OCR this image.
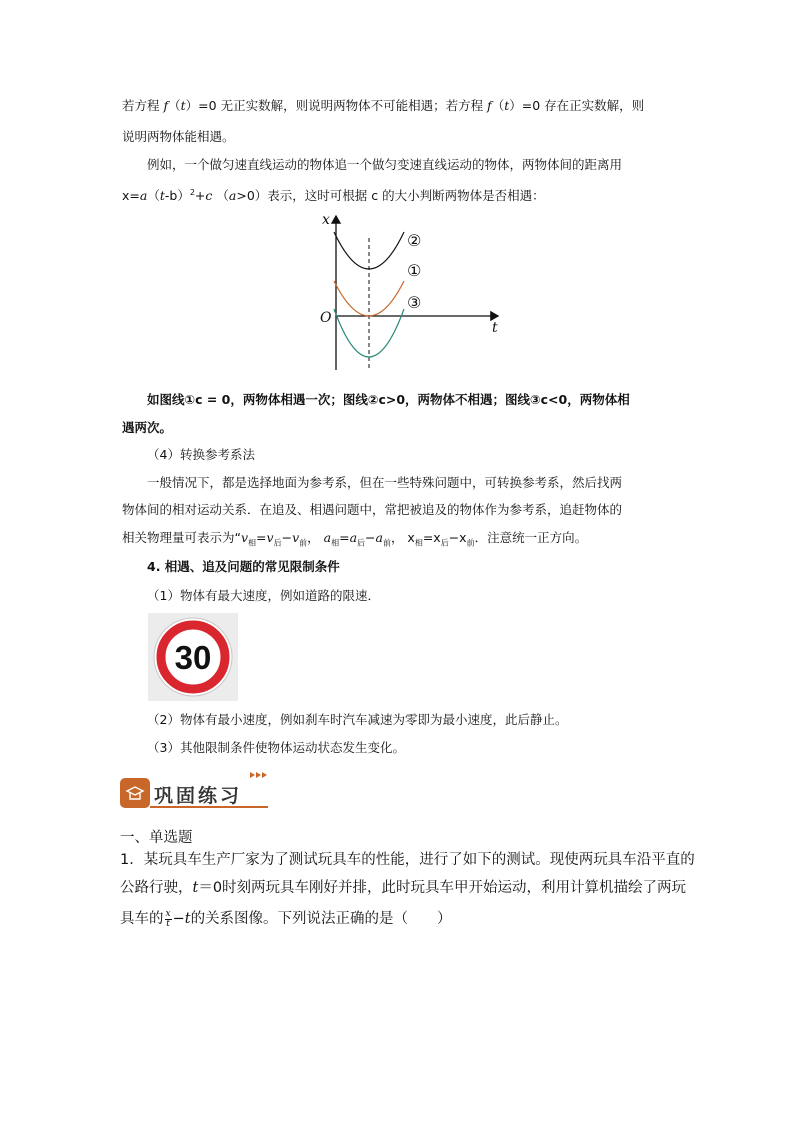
若方程 f（t）=0 无正实数解，则说明两物体不可能相遇；若方程 f（t）=0 存在正实数解，则
说明两物体能相遇。
例如，一个做匀速直线运动的物体追一个做匀变速直线运动的物体，两物体间的距离用
$x=a(t-b)^2+c$ （a>0）表示，这时可根据 c 的大小判断两物体是否相遇：
x
t
O
②
①
③
如图线①c = 0，两物体相遇一次；图线②c>0，两物体不相遇；图线③c<0，两物体相
遇两次。
（4）转换参考系法
一般情况下，都是选择地面为参考系，但在一些特殊问题中，可转换参考系，然后找两
物体间的相对运动关系．在追及、相遇问题中，常把被追及的物体作为参考系，追赶物体的
相关物理量可表示为“$v_相=v_后-v_前$， $a_相=a_后-a_前$， $x_相=x_后-x_前$．注意统一正方向。
4. 相遇、追及问题的常见限制条件
（1）物体有最大速度，例如道路的限速．
30
（2）物体有最小速度，例如刹车时汽车减速为零即为最小速度，此后静止。
（3）其他限制条件使物体运动状态发生变化。
巩固练习
一、单选题
1．某玩具车生产厂家为了测试玩具车的性能，进行了如下的测试。现使两玩具车沿平直的
公路行驶，t＝0时刻两玩具车刚好并排，此时玩具车甲开始运动，利用计算机描绘了两玩
具车的 $\frac{x}{t} -t$的关系图像。下列说法正确的是（　　）
